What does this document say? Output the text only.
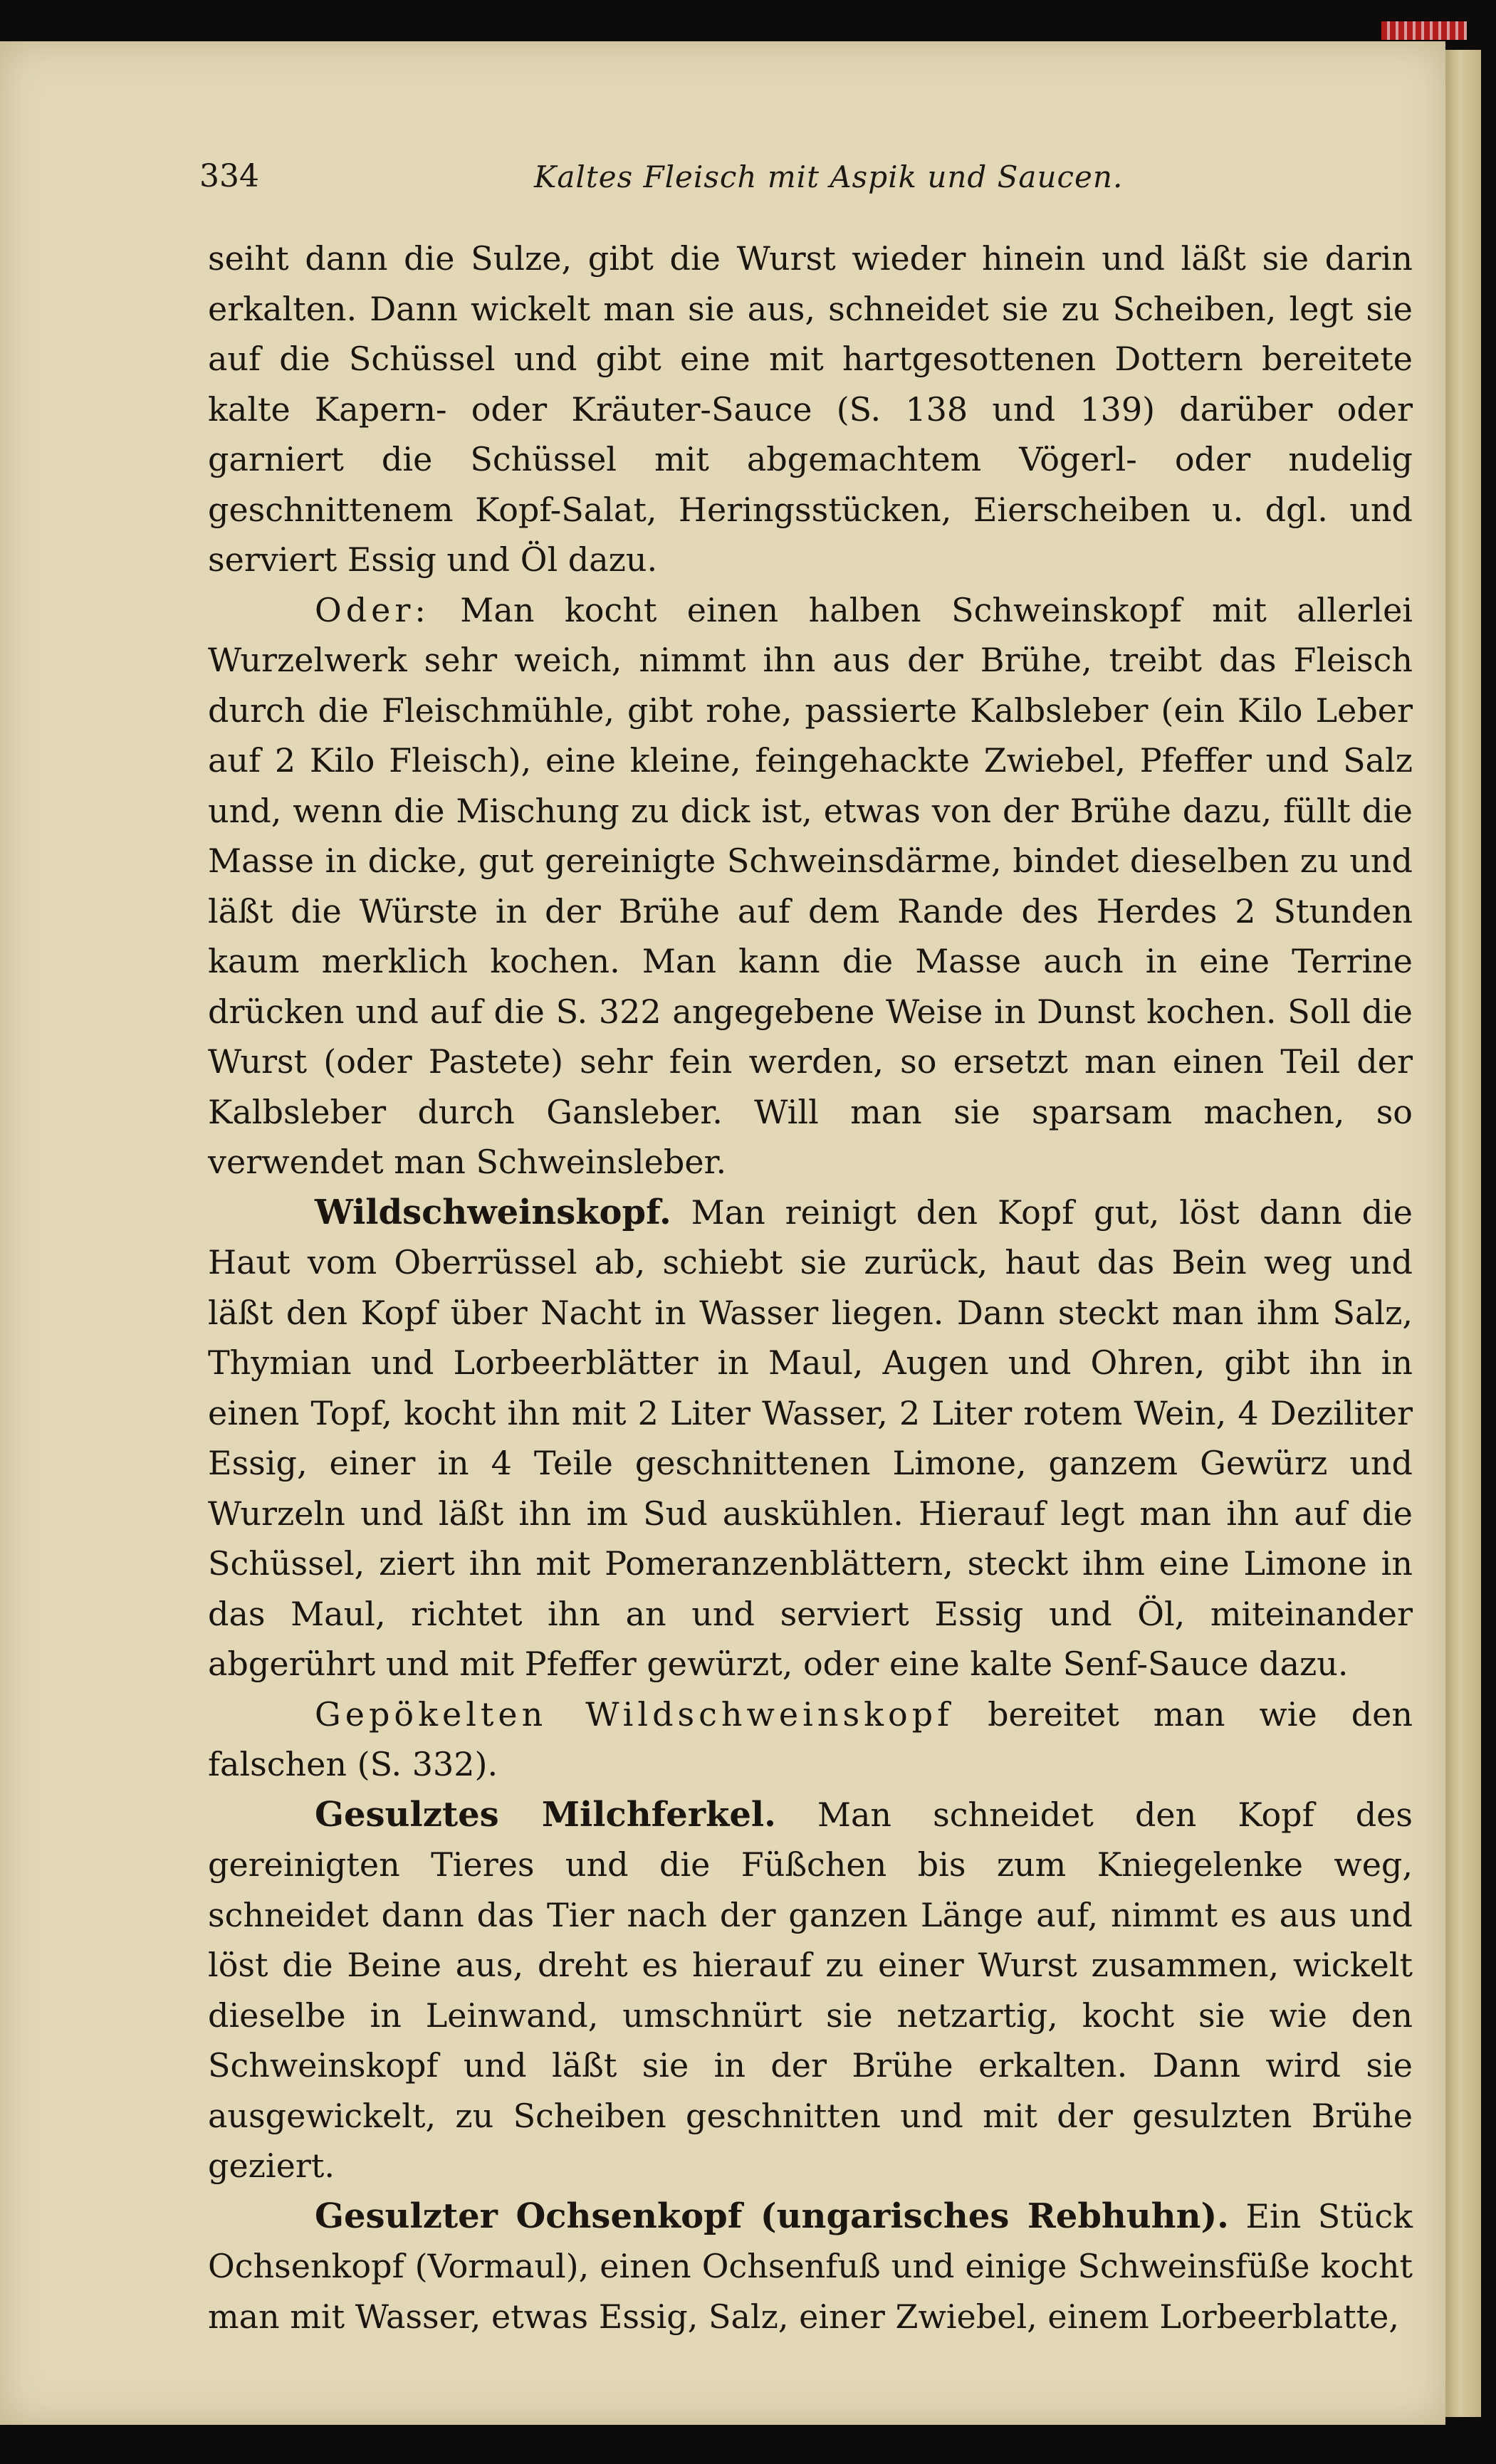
334	Kaltes Fleisch mit Aspik und Saucen.

seiht dann die Sulze, gibt die Wurst wieder hinein und läßt sie darin erkalten. Dann wickelt man sie aus, schneidet sie zu Scheiben, legt sie auf die Schüssel und gibt eine mit hartgesottenen Dottern bereitete kalte Kapern- oder Kräuter-Sauce (S. 138 und 139) darüber oder garniert die Schüssel mit abgemachtem Vögerl- oder nudelig geschnittenem Kopf-Salat, Heringsstücken, Eierscheiben u. dgl. und serviert Essig und Öl dazu.

Oder: Man kocht einen halben Schweinskopf mit allerlei Wurzelwerk sehr weich, nimmt ihn aus der Brühe, treibt das Fleisch durch die Fleischmühle, gibt rohe, passierte Kalbsleber (ein Kilo Leber auf 2 Kilo Fleisch), eine kleine, feingehackte Zwiebel, Pfeffer und Salz und, wenn die Mischung zu dick ist, etwas von der Brühe dazu, füllt die Masse in dicke, gut gereinigte Schweinsdärme, bindet dieselben zu und läßt die Würste in der Brühe auf dem Rande des Herdes 2 Stunden kaum merklich kochen. Man kann die Masse auch in eine Terrine drücken und auf die S. 322 angegebene Weise in Dunst kochen. Soll die Wurst (oder Pastete) sehr fein werden, so ersetzt man einen Teil der Kalbsleber durch Gansleber. Will man sie sparsam machen, so verwendet man Schweinsleber.

Wildschweinskopf. Man reinigt den Kopf gut, löst dann die Haut vom Oberrüssel ab, schiebt sie zurück, haut das Bein weg und läßt den Kopf über Nacht in Wasser liegen. Dann steckt man ihm Salz, Thymian und Lorbeerblätter in Maul, Augen und Ohren, gibt ihn in einen Topf, kocht ihn mit 2 Liter Wasser, 2 Liter rotem Wein, 4 Deziliter Essig, einer in 4 Teile geschnittenen Limone, ganzem Gewürz und Wurzeln und läßt ihn im Sud auskühlen. Hierauf legt man ihn auf die Schüssel, ziert ihn mit Pomeranzenblättern, steckt ihm eine Limone in das Maul, richtet ihn an und serviert Essig und Öl, miteinander abgerührt und mit Pfeffer gewürzt, oder eine kalte Senf-Sauce dazu.

Gepökelten Wildschweinskopf bereitet man wie den falschen (S. 332).

Gesulztes Milchferkel. Man schneidet den Kopf des gereinigten Tieres und die Füßchen bis zum Kniegelenke weg, schneidet dann das Tier nach der ganzen Länge auf, nimmt es aus und löst die Beine aus, dreht es hierauf zu einer Wurst zusammen, wickelt dieselbe in Leinwand, umschnürt sie netzartig, kocht sie wie den Schweinskopf und läßt sie in der Brühe erkalten. Dann wird sie ausgewickelt, zu Scheiben geschnitten und mit der gesulzten Brühe geziert.

Gesulzter Ochsenkopf (ungarisches Rebhuhn). Ein Stück Ochsenkopf (Vormaul), einen Ochsenfuß und einige Schweinsfüße kocht man mit Wasser, etwas Essig, Salz, einer Zwiebel, einem Lorbeerblatte,
